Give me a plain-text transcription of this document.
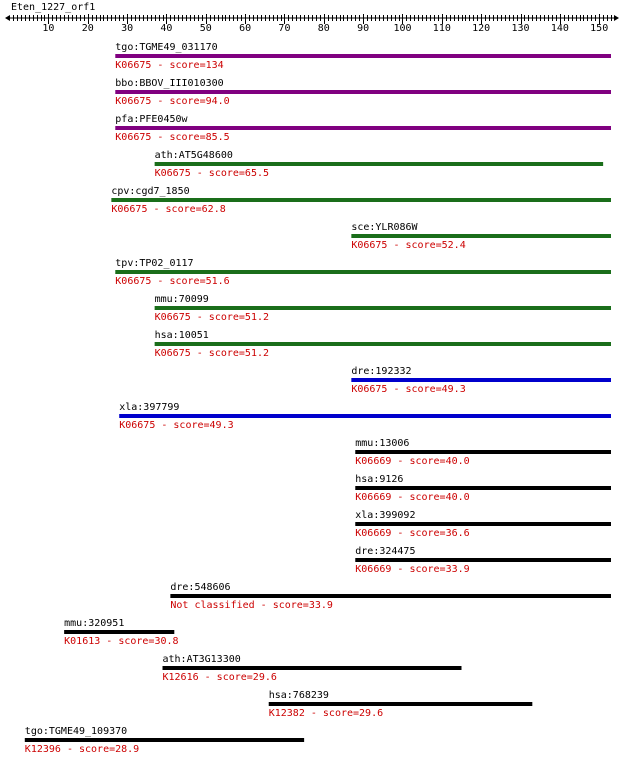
Eten_1227_orf1
10	20	30	40	50	60	70	80	90 100 110 120 130 140 150
tgo:TGME49_031170
K06675 - score=134
bbo:BBOV_III010300
K06675 - score=94.0
pfa:PFE0450w
K06675 - score=85.5
ath:AT5G48600
K06675 - score=65.5
cpv:cgd7_1850
K06675 - score=62.8
sce:YLR086W
K06675 - score=52.4
tpv:TP02_0117
K06675 - score=51.6
mmu:70099
K06675 - score=51.2
hsa:10051
K06675 - score=51.2
dre:192332
K06675 - score=49.3
xla:397799
K06675 - score=49.3
mmu:13006
K06669 - score=40.0
hsa:9126
K06669 - score=40.0
xla:399092
K06669 - score=36.6
dre:324475
K06669 - score=33.9
dre:548606
Not classified - score=33.9
mmu:320951
K01613 - score=30.8
ath:AT3G13300
K12616 - score=29.6
hsa:768239
K12382 - score=29.6
tgo:TGME49_109370
K12396 - score=28.9
